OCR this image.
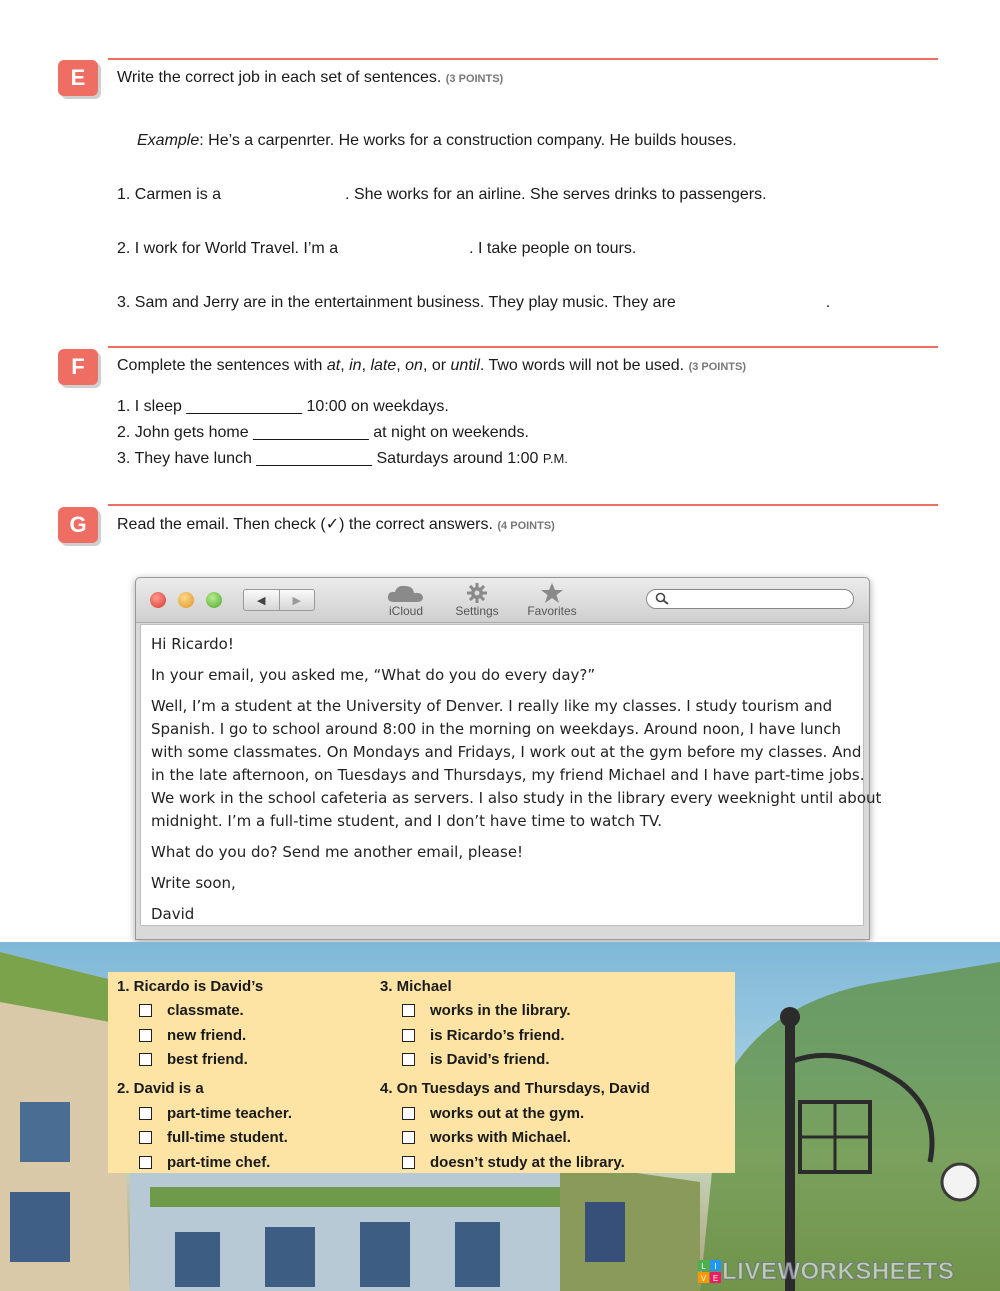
E Write the correct job in each set of sentences. (3 POINTS)
Example: He’s a carpenrter. He works for a construction company. He builds houses.
1. Carmen is a	. She works for an airline. She serves drinks to passengers.
2. I work for World Travel. I’m a	. I take people on tours.
3. Sam and Jerry are in the entertainment business. They play music. They are	.
F Complete the sentences with at, in, late, on, or until. Two words will not be used. (3 POINTS)
1. I sleep _____________ 10:00 on weekdays.
2. John gets home _____________ at night on weekends.
3. They have lunch _____________ Saturdays around 1:00 P.M.
G Read the email. Then check (✓) the correct answers. (4 POINTS)
◀	▶
iCloud	Settings	Favorites
Hi Ricardo!
In your email, you asked me, “What do you do every day?”
Well, I’m a student at the University of Denver. I really like my classes. I study tourism and
Spanish. I go to school around 8:00 in the morning on weekdays. Around noon, I have lunch
with some classmates. On Mondays and Fridays, I work out at the gym before my classes. And
in the late afternoon, on Tuesdays and Thursdays, my friend Michael and I have part-time jobs.
We work in the school cafeteria as servers. I also study in the library every weeknight until about
midnight. I’m a full-time student, and I don’t have time to watch TV.
What do you do? Send me another email, please!
Write soon,
David
1. Ricardo is David’s
classmate.
new friend.
best friend.
2. David is a
part-time teacher.
full-time student.
part-time chef.
3. Michael
works in the library.
is Ricardo’s friend.
is David’s friend.
4. On Tuesdays and Thursdays, David
works out at the gym.
works with Michael.
doesn’t study at the library.
L I
V E LIVEWORKSHEETS
